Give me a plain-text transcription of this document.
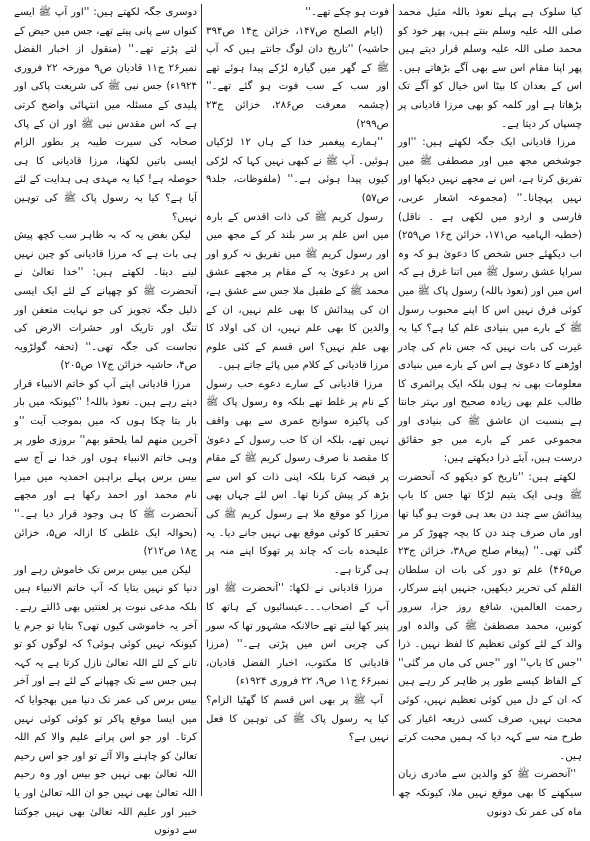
کیا سلوک ہے پہلے نعوذ باللہ مثیل محمد صلی اللہ علیہ وسلم بنتے ہیں، پھر خود کو محمد صلی اللہ علیہ وسلم قرار دیتے ہیں پھر اپنا مقام اس سے بھی آگے بڑھاتے ہیں۔ اس کے بعدان کا بیٹا اس خیال کو آگے تک بڑھاتا ہے اور کلمہ کو بھی مرزا قادیانی پر چسپاں کر دیتا ہے۔

مرزا قادیانی ایک جگہ لکھتے ہیں: ''اور جوشخص مجھ میں اور مصطفی ﷺ میں تفریق کرتا ہے، اس نے مجھے نہیں دیکھا اور نہیں پہچانا۔'' (مجموعہ اشعار عربی، فارسی و اردو میں لکھی ہے ۔ ناقل) (خطبہ الہامیہ ص۱۷۱، خزائن ج۱۶ ص۲۵۹) اب دیکھئے جس شخص کا دعویٰ ہو کہ وہ سراپا عشق رسول ﷺ میں اتنا غرق ہے کہ اس میں اور (نعوذ باللہ) رسول پاک ﷺ میں کوئی فرق نہیں اس کا اپنے محبوب رسول ﷺ کے بارے میں بنیادی علم کیا ہے؟ کیا یہ غیرت کی بات نہیں کہ جس نام کی چادر اوڑھنے کا دعویٰ ہے اس کے بارے میں بنیادی معلومات بھی نہ ہوں بلکہ ایک پرائمری کا طالب علم بھی زیادہ صحیح اور بہتر جانتا ہے بنسبت ان عاشق ﷺ کی بنیادی اور مجموعی عمر کے بارے میں جو حقائق درست ہیں، آیئے ذرا دیکھتے ہیں:

لکھتے ہیں: ''تاریخ کو دیکھو کہ آنحضرت ﷺ وہی ایک یتیم لڑکا تھا جس کا باپ پیدائش سے چند دن بعد ہی فوت ہو گیا تھا اور ماں صرف چند دن کا بچہ چھوڑ کر مر گئی تھی۔'' (پیغام صلح ص۳۸، خزائن ج۲۳ ص۴۶۵) علم تو دور کی بات ان سلطان القلم کی تحریر دیکھیں، جنہیں اپنے سرکار، رحمت العالمین، شافع روز جزا، سرور کونین، محمد مصطفیٰ ﷺ کی والدہ اور والد کے لئے کوئی تعظیم کا لفظ نہیں۔ ذرا ''جس کا باپ'' اور ''جس کی ماں مر گئی'' کے الفاظ کیسے طور پر ظاہر کر رہے ہیں کہ ان کے دل میں کوئی تعظیم نہیں، کوئی محبت نہیں، صرف کسی ذریعہ اغیار کی طرح منہ سے کہہ دیا کہ ہمیں محبت کرتے ہیں۔

''آنحضرت ﷺ کو والدین سے مادری زبان سیکھنے کا بھی موقع نہیں ملا، کیونکہ چھ ماہ کی عمر تک دونوں

فوت ہو چکے تھے۔''

(ایام الصلح ص۱۴۷، خزائن ج۱۴ ص۳۹۴ حاشیہ) ''تاریخ دان لوگ جانتے ہیں کہ آپ ﷺ کے گھر میں گیارہ لڑکے پیدا ہوئے تھے اور سب کے سب فوت ہو گئے تھے۔'' (چشمہ معرفت ص۲۸۶، خزائن ج۲۳ ص۲۹۹)

''ہمارے پیغمبر خدا کے ہاں ۱۲ لڑکیاں ہوئیں۔ آپ ﷺ نے کبھی نہیں کہا کہ لڑکی کیوں پیدا ہوئی ہے۔'' (ملفوظات، جلد۹ ص۵۷)

رسول کریم ﷺ کی ذات اقدس کے بارہ میں اس علم پر سر بلند کر کے مجھ میں اور رسول کریم ﷺ میں تفریق نہ کرو اور اس پر دعویٰ یہ کے مقام پر مجھے عشق محمد ﷺ کے طفیل ملا جس سے عشق ہے، ان کی پیدائش کا بھی علم نہیں، ان کے والدین کا بھی علم نہیں، ان کی اولاد کا بھی علم نہیں؟ اس قسم کے کئی علوم مرزا قادیانی کے کلام میں پائے جاتے ہیں۔

مرزا قادیانی کے سارے دعوے حب رسول کے نام پر غلط تھے بلکہ وہ رسول پاک ﷺ کی پاکیزہ سوانح عمری سے بھی واقف نہیں تھے، بلکہ ان کا حب رسول کے دعویٰ کا مقصد نا صرف رسول کریم ﷺ کے مقام پر قبضہ کرنا بلکہ اپنی ذات کو اس سے بڑھ کر پیش کرنا تھا۔ اس لئے جہاں بھی مرزا کو موقع ملا ہے رسول کریم ﷺ کی تحقیر کا کوئی موقع بھی نہیں جانے دیا۔ یہ علیحدہ بات کہ چاند پر تھوکا اپنے منہ پر ہی گرتا ہے۔

مرزا قادیانی نے لکھا: ''آنحضرت ﷺ اور آپ کے اصحاب۔۔۔عیسائیوں کے ہاتھ کا پنیر کھا لیتے تھے حالانکہ مشہور تھا کہ سور کی چربی اس میں پڑتی ہے۔'' (مرزا قادیانی کا مکتوب، اخبار الفضل قادیان، نمبر۶۶ ج۱۱ ص۹، ۲۲ فروری ۱۹۲۴ء)

آپ ﷺ پر بھی اس قسم کا گھٹیا الزام؟ کیا یہ رسول پاک ﷺ کی توہین کا فعل نہیں ہے؟

دوسری جگہ لکھتے ہیں: ''اور آپ ﷺ ایسے کنواں سے پانی پیتے تھے، جس میں حیض کے لتے پڑتے تھے۔'' (منقول از اخبار الفضل نمبر۲۶ ج۱۱ قادیان ص۹ مورخہ ۲۲ فروری ۱۹۲۴ء) جس نبی ﷺ کی شریعت پاکی اور پلیدی کے مسئلہ میں انتہائی واضح کرتی ہے کہ اس مقدس نبی ﷺ اور ان کے پاک صحابہ کی سیرت طیبہ پر بطور الزام ایسی باتیں لکھنا، مرزا قادیانی کا ہی حوصلہ ہے! کیا یہ مہدی ہی ہدایت کے لئے آیا ہے؟ کیا یہ رسول پاک ﷺ کی توہین نہیں؟

لیکن بغض یہ کہ بہ ظاہر سب کچھ پیش ہی بات ہے کہ مرزا قادیانی کو چین نہیں لینے دیتا۔ لکھتے ہیں: ''خدا تعالیٰ نے آنحضرت ﷺ کو چھپانے کے لئے ایک ایسی ذلیل جگہ تجویز کی جو نہایت متعفن اور تنگ اور تاریک اور حشرات الارض کی نجاست کی جگہ تھی۔'' (تحفہ گولڑویہ ص۴، حاشیہ خزائن ج۱۷ ص۲۰۵)

مرزا قادیانی اپنے آپ کو خاتم الانبیاء قرار دیتے رہے ہیں۔ نعوذ باللہ! ''کیونکہ میں بار بار بتا چکا ہوں کہ میں بموجب آیت ''و آخرین منھم لما یلحقو بھم'' بروزی طور پر وہی خاتم الانبیاء ہوں اور خدا نے آج سے بیس برس پہلے براہین احمدیہ میں میرا نام محمد اور احمد رکھا ہے اور مجھے آنحضرت ﷺ کا ہی وجود قرار دیا ہے۔'' (بحوالہ ایک غلطی کا ازالہ ص۵، خزائن ج۱۸ ص۲۱۲)

لیکن میں بیس برس تک خاموش رہے اور دنیا کو نہیں بتایا کہ آپ خاتم الانبیاء ہیں بلکہ مدعی نبوت پر لعنتیں بھی ڈالتے رہے۔ آخر یہ خاموشی کیوں تھی؟ بتایا تو جرم یا کیونکہ نہیں کوئی ہوئی؟ کہ لوگوں کو تو تانے کے لئے اللہ تعالیٰ نازل کرتا ہے یہ کہہ ہیں جس سے تک چھپانے کے لئے ہے اور آخر بیس برس کی عمر تک دنیا میں بھجوایا کہ میں ایسا موقع پاکر تو کوئی کوئی نہیں کرتا۔ اور جو اس پرانے علیم والا کم اللہ تعالیٰ کو چاہنے والا آئے تو اور جو اس رحیم اللہ تعالیٰ بھی نہیں جو بیس اور وہ رحیم اللہ تعالیٰ بھی نہیں جو ان اللہ تعالیٰ اور یا خبیر اور علیم اللہ تعالیٰ بھی نہیں جوکتنا سے دونوں
